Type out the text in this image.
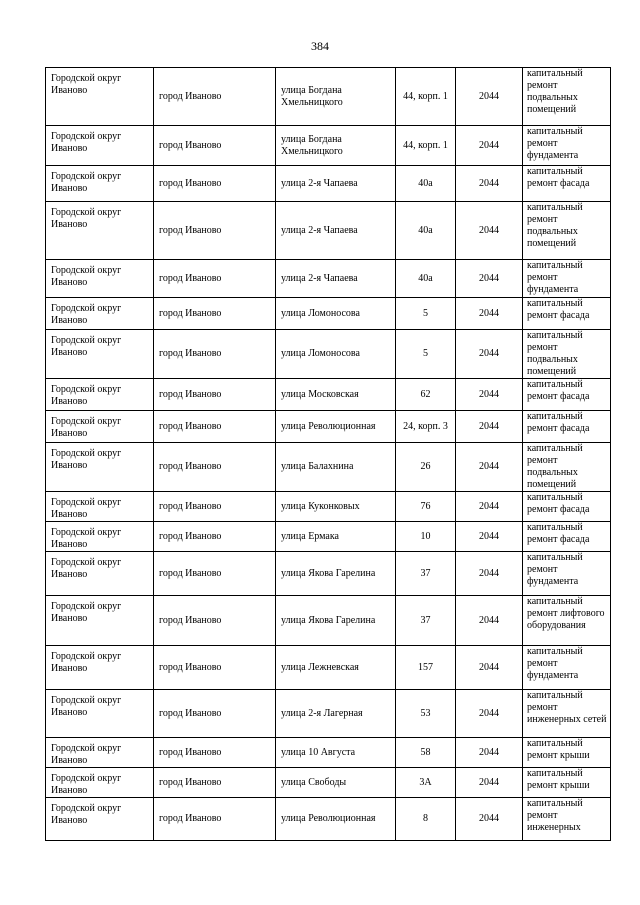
384
Городской округ Иваново	город Иваново	улица Богдана Хмельницкого	44, корп. 1	2044	капитальный ремонт подвальных помещений

Городской округ Иваново	город Иваново	улица Богдана Хмельницкого	44, корп. 1	2044	капитальный ремонт фундамента

Городской округ Иваново	город Иваново	улица 2-я Чапаева	40а	2044	капитальный ремонт фасада

Городской округ Иваново	город Иваново	улица 2-я Чапаева	40а	2044	капитальный ремонт подвальных помещений

Городской округ Иваново	город Иваново	улица 2-я Чапаева	40а	2044	капитальный ремонт фундамента

Городской округ Иваново	город Иваново	улица Ломоносова	5	2044	капитальный ремонт фасада

Городской округ Иваново	город Иваново	улица Ломоносова	5	2044	капитальный ремонт подвальных помещений

Городской округ Иваново	город Иваново	улица Московская	62	2044	капитальный ремонт фасада

Городской округ Иваново	город Иваново	улица Революционная	24, корп. 3	2044	капитальный ремонт фасада

Городской округ Иваново	город Иваново	улица Балахнина	26	2044	капитальный ремонт подвальных помещений

Городской округ Иваново	город Иваново	улица Куконковых	76	2044	капитальный ремонт фасада

Городской округ Иваново	город Иваново	улица Ермака	10	2044	капитальный ремонт фасада

Городской округ Иваново	город Иваново	улица Якова Гарелина	37	2044	капитальный ремонт фундамента

Городской округ Иваново	город Иваново	улица Якова Гарелина	37	2044	капитальный ремонт лифтового оборудования

Городской округ Иваново	город Иваново	улица Лежневская	157	2044	капитальный ремонт фундамента

Городской округ Иваново	город Иваново	улица 2-я Лагерная	53	2044	капитальный ремонт инженерных сетей

Городской округ Иваново	город Иваново	улица 10 Августа	58	2044	капитальный ремонт крыши

Городской округ Иваново	город Иваново	улица Свободы	3А	2044	капитальный ремонт крыши

Городской округ Иваново	город Иваново	улица Революционная	8	2044	капитальный ремонт инженерных
